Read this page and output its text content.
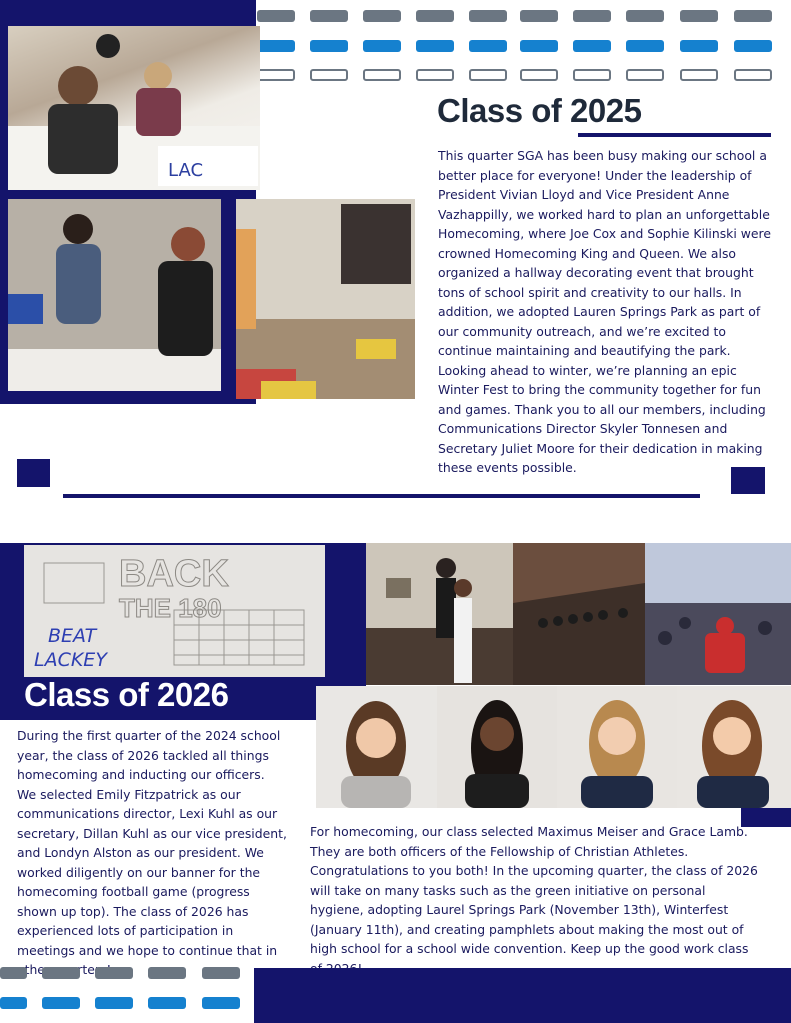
LAC
Class of 2025
This quarter SGA has been busy making our school a better place for everyone! Under the leadership of President Vivian Lloyd and Vice President Anne Vazhappilly, we worked hard to plan an unforgettable Homecoming, where Joe Cox and Sophie Kilinski were crowned Homecoming King and Queen. We also organized a hallway decorating event that brought tons of school spirit and creativity to our halls. In addition, we adopted Lauren Springs Park as part of our community outreach, and we’re excited to continue maintaining and beautifying the park. Looking ahead to winter, we’re planning an epic Winter Fest to bring the community together for fun and games. Thank you to all our members, including Communications Director Skyler Tonnesen and Secretary Juliet Moore for their dedication in making these events possible.
BACK
THE 180
BEAT
LACKEY
Class of 2026
During the first quarter of the 2024 school year, the class of 2026 tackled all things homecoming and inducting our officers. We selected Emily Fitzpatrick as our communications director, Lexi Kuhl as our secretary, Dillan Kuhl as our vice president, and Londyn Alston as our president. We worked diligently on our banner for the homecoming football game (progress shown up top). The class of 2026 has experienced lots of participation in meetings and we hope to continue that in other quarters!
For homecoming, our class selected Maximus Meiser and Grace Lamb. They are both officers of the Fellowship of Christian Athletes. Congratulations to you both! In the upcoming quarter, the class of 2026 will take on many tasks such as the green initiative on personal hygiene, adopting Laurel Springs Park (November 13th), Winterfest (January 11th), and creating pamphlets about making the most out of high school for a school wide convention. Keep up the good work class
